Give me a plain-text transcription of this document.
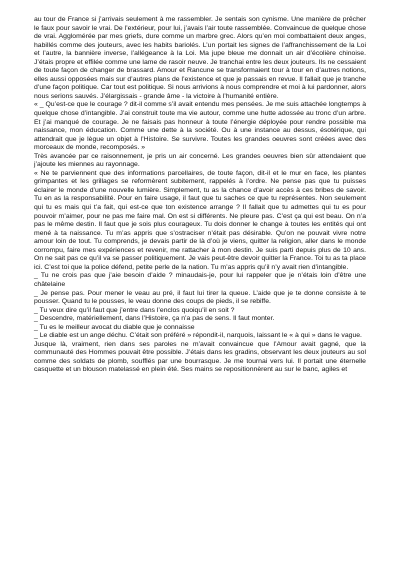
au tour de France si j’arrivais seulement à me rassembler. Je sentais son cynisme. Une manière de prêcher le faux pour savoir le vrai. De l’extérieur, pour lui, j’avais l’air toute rassemblée. Convaincue de quelque chose de vrai. Agglomérée par mes griefs, dure comme un marbre grec. Alors qu’en moi combattaient deux anges, habillés comme des jouteurs, avec les habits bariolés. L’un portait les signes de l’affranchissement de la Loi et l’autre, la bannière inverse, l’allégeance à la Loi. Ma jupe bleue me donnait un air d’écolière chinoise. J’étais propre et effilée comme une lame de rasoir neuve. Je tranchai entre les deux jouteurs. Ils ne cessaient de toute façon de changer de brassard. Amour et Rancune se transformaient tour à tour en d’autres notions, elles aussi opposées mais sur d’autres plans de l’existence et que je passais en revue. Il fallait que je tranche d’une façon politique. Car tout est politique. Si nous arrivions à nous comprendre et moi à lui pardonner, alors nous serions sauvés. J’élargissais - grande âme - la victoire à l’humanité entière.

« _ Qu’est-ce que le courage ? dit-il comme s’il avait entendu mes pensées. Je me suis attachée longtemps à quelque chose d’intangible. J’ai construit toute ma vie autour, comme une hutte adossée au tronc d’un arbre. Et j’ai manqué de courage. Je ne faisais pas honneur à toute l’énergie déployée pour rendre possible ma naissance, mon éducation. Comme une dette à la société. Ou à une instance au dessus, ésotérique, qui attendrait que je lègue un objet à l’Histoire. Se survivre. Toutes les grandes oeuvres sont créées avec des morceaux de monde, recomposés. »

Très avancée par ce raisonnement, je pris un air concerné. Les grandes oeuvres bien sûr attendaient que j’ajoute les miennes au rayonnage.

« Ne te parviennent que des informations parcellaires, de toute façon, dit-il et le mur en face, les plantes grimpantes et les grillages se reformèrent subitement, rappelés à l’ordre. Ne pense pas que tu puisses éclairer le monde d’une nouvelle lumière. Simplement, tu as la chance d’avoir accès à ces bribes de savoir. Tu en as la responsabilité. Pour en faire usage, il faut que tu saches ce que tu représentes. Non seulement qui tu es mais qui t’a fait, qui est-ce que ton existence arrange ? Il fallait que tu admettes qui tu es pour pouvoir m’aimer, pour ne pas me faire mal. On est si différents. Ne pleure pas. C’est ça qui est beau. On n’a pas le même destin. Il faut que je sois plus courageux. Tu dois donner le change à toutes les entités qui ont mené à ta naissance. Tu m’as appris que s’ostraciser n’était pas désirable. Qu’on ne pouvait vivre notre amour loin de tout. Tu comprends, je devais partir de là d’où je viens, quitter la religion, aller dans le monde corrompu, faire mes expériences et revenir, me rattacher à mon destin. Je suis parti depuis plus de 10 ans. On ne sait pas ce qu’il va se passer politiquement. Je vais peut-être devoir quitter la France. Toi tu as ta place ici. C’est toi que la police défend, petite perle de la nation. Tu m’as appris qu’il n’y avait rien d’intangible.

_ Tu ne crois pas que j’aie besoin d’aide ? minaudais-je, pour lui rappeler que je n’étais loin d’être une châtelaine

_ Je pense pas. Pour mener le veau au pré, il faut lui tirer la queue. L’aide que je te donne consiste à te pousser. Quand tu le pousses, le veau donne des coups de pieds, il se rebiffe.

_ Tu veux dire qu’il faut que j’entre dans l’enclos quoiqu’il en soit ?

_ Descendre, matériellement, dans l’Histoire, ça n’a pas de sens. Il faut monter.

_ Tu es le meilleur avocat du diable que je connaisse

_ Le diable est un ange déchu. C’était son préféré » répondit-il, narquois, laissant le « à qui » dans le vague.

Jusque là, vraiment, rien dans ses paroles ne m’avait convaincue que l’Amour avait gagné, que la communauté des Hommes pouvait être possible. J’étais dans les gradins, observant les deux jouteurs au sol comme des soldats de plomb, soufflés par une bourrasque. Je me tournai vers lui. Il portait une éternelle casquette et un blouson matelassé en plein été. Ses mains se repositionnèrent au sur le banc, agiles et
